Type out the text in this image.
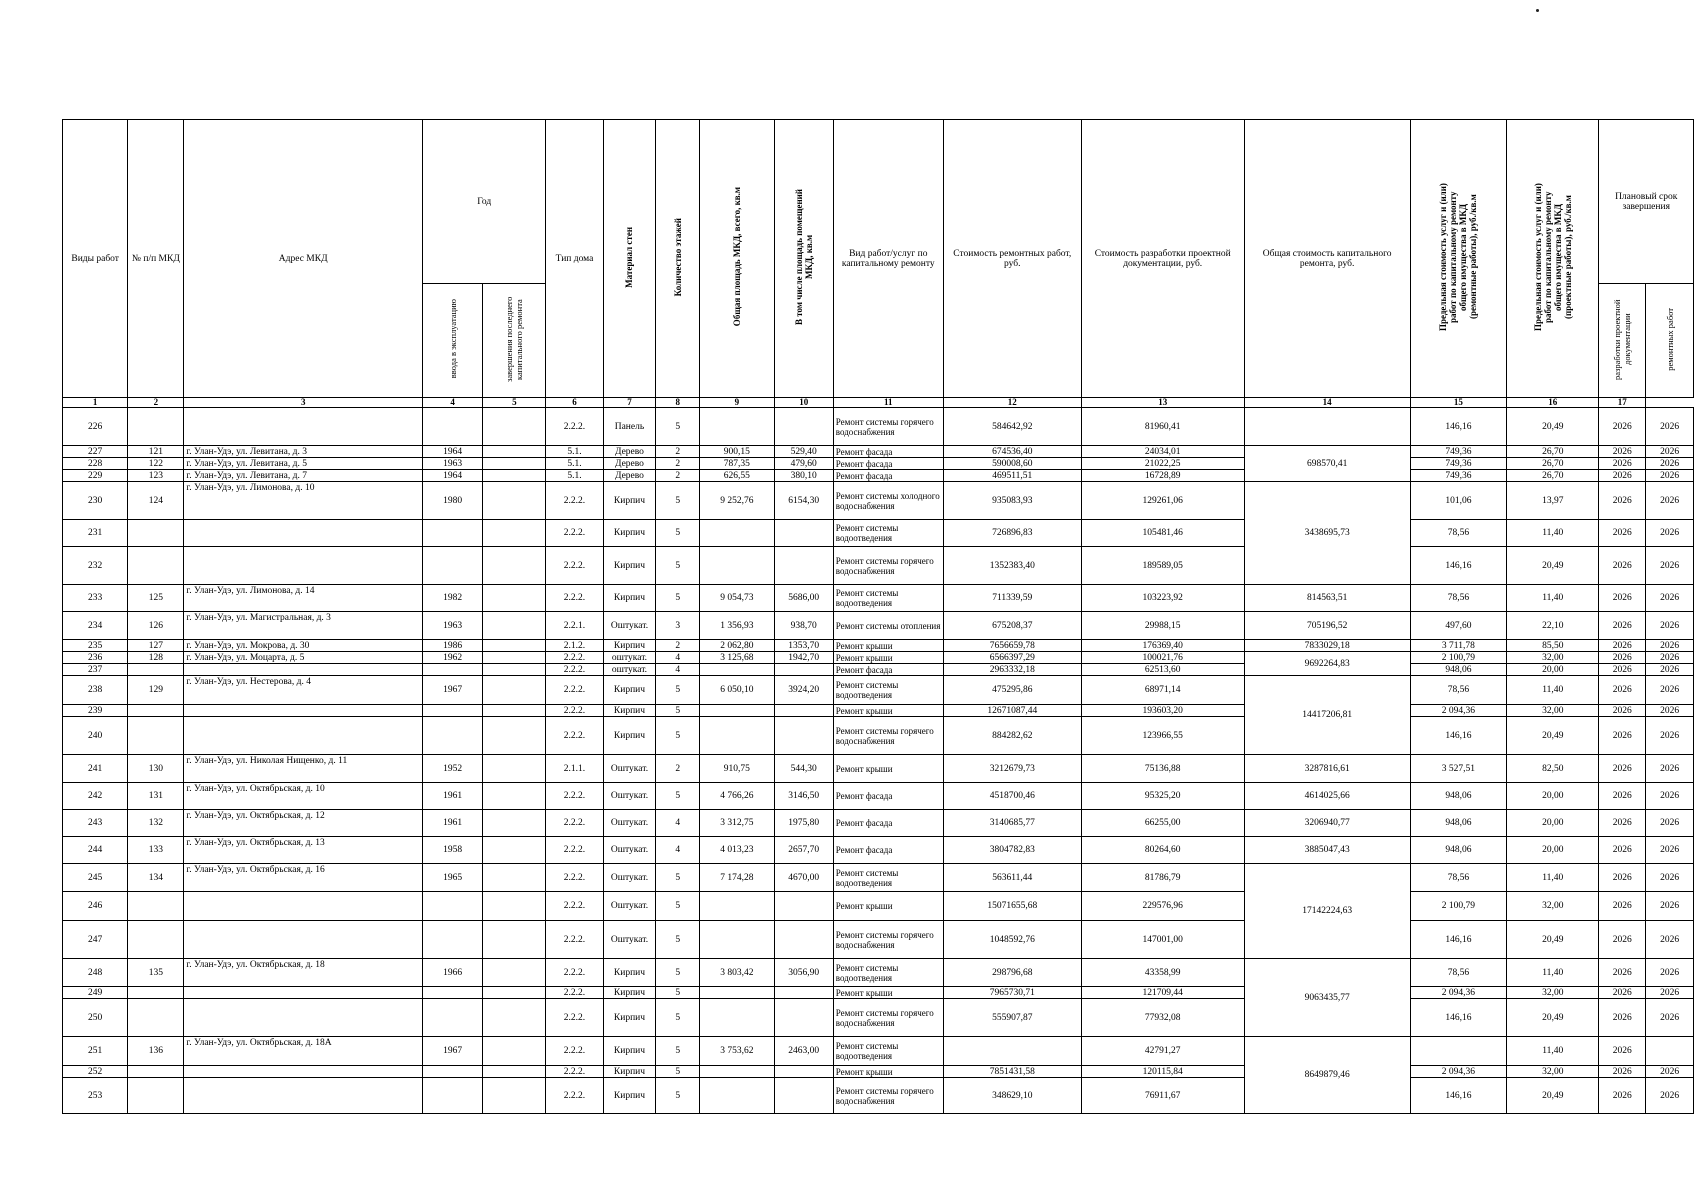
Виды работ	№ п/п МКД	Адрес МКД	Год		Тип дома	Материал стен	Количество этажей	Общая площадь МКД, всего, кв.м	В том числе площадь помещений МКД, кв.м	Вид работ/услуг по капитальному ремонту	Стоимость ремонтных работ, руб.	Стоимость разработки проектной документации, руб.	Общая стоимость капитального ремонта, руб.	Предельная стоимость услуг и (или) работ по капитальному ремонту общего имущества в МКД (ремонтные работы), руб./кв.м	Предельная стоимость услуг и (или) работ по капитальному ремонту общего имущества в МКД (проектные работы), руб./кв.м	Плановый срок завершения	
			ввода в эксплуатацию	завершения последнего капитального ремонта												разработки проектной документации	ремонтных работ
1	2	3	4	5	6	7	8	9	10	11	12	13	14	15	16	17	
226					2.2.2.	Панель	5			Ремонт системы горячего водоснабжения	584642,92	81960,41		146,16	20,49	2026	2026
227	121	г. Улан-Удэ, ул. Левитана, д. 3	1964		5.1.	Дерево	2	900,15	529,40	Ремонт фасада	674536,40	24034,01	698570,41	749,36	26,70	2026	2026
228	122	г. Улан-Удэ, ул. Левитана, д. 5	1963		5.1.	Дерево	2	787,35	479,60	Ремонт фасада	590008,60	21022,25		749,36	26,70	2026	2026
229	123	г. Улан-Удэ, ул. Левитана, д. 7	1964		5.1.	Дерево	2	626,55	380,10	Ремонт фасада	469511,51	16728,89		749,36	26,70	2026	2026
230	124	г. Улан-Удэ, ул. Лимонова, д. 10	1980		2.2.2.	Кирпич	5	9 252,76	6154,30	Ремонт системы холодного водоснабжения	935083,93	129261,06	3438695,73	101,06	13,97	2026	2026
231					2.2.2.	Кирпич	5			Ремонт системы водоотведения	726896,83	105481,46		78,56	11,40	2026	2026
232					2.2.2.	Кирпич	5			Ремонт системы горячего водоснабжения	1352383,40	189589,05		146,16	20,49	2026	2026
233	125	г. Улан-Удэ, ул. Лимонова, д. 14	1982		2.2.2.	Кирпич	5	9 054,73	5686,00	Ремонт системы водоотведения	711339,59	103223,92	814563,51	78,56	11,40	2026	2026
234	126	г. Улан-Удэ, ул. Магистральная, д. 3	1963		2.2.1.	Оштукат.	3	1 356,93	938,70	Ремонт системы отопления	675208,37	29988,15	705196,52	497,60	22,10	2026	2026
235	127	г. Улан-Удэ, ул. Мокрова, д. 30	1986		2.1.2.	Кирпич	2	2 062,80	1353,70	Ремонт крыши	7656659,78	176369,40	7833029,18	3 711,78	85,50	2026	2026
236	128	г. Улан-Удэ, ул. Моцарта, д. 5	1962		2.2.2.	оштукат.	4	3 125,68	1942,70	Ремонт крыши	6566397,29	100021,76	9692264,83	2 100,79	32,00	2026	2026
237					2.2.2.	оштукат.	4			Ремонт фасада	2963332,18	62513,60		948,06	20,00	2026	2026
238	129	г. Улан-Удэ, ул. Нестерова, д. 4	1967		2.2.2.	Кирпич	5	6 050,10	3924,20	Ремонт системы водоотведения	475295,86	68971,14	14417206,81	78,56	11,40	2026	2026
239					2.2.2.	Кирпич	5			Ремонт крыши	12671087,44	193603,20		2 094,36	32,00	2026	2026
240					2.2.2.	Кирпич	5			Ремонт системы горячего водоснабжения	884282,62	123966,55		146,16	20,49	2026	2026
241	130	г. Улан-Удэ, ул. Николая Нищенко, д. 11	1952		2.1.1.	Оштукат.	2	910,75	544,30	Ремонт крыши	3212679,73	75136,88	3287816,61	3 527,51	82,50	2026	2026
242	131	г. Улан-Удэ, ул. Октябрьская, д. 10	1961		2.2.2.	Оштукат.	5	4 766,26	3146,50	Ремонт фасада	4518700,46	95325,20	4614025,66	948,06	20,00	2026	2026
243	132	г. Улан-Удэ, ул. Октябрьская, д. 12	1961		2.2.2.	Оштукат.	4	3 312,75	1975,80	Ремонт фасада	3140685,77	66255,00	3206940,77	948,06	20,00	2026	2026
244	133	г. Улан-Удэ, ул. Октябрьская, д. 13	1958		2.2.2.	Оштукат.	4	4 013,23	2657,70	Ремонт фасада	3804782,83	80264,60	3885047,43	948,06	20,00	2026	2026
245	134	г. Улан-Удэ, ул. Октябрьская, д. 16	1965		2.2.2.	Оштукат.	5	7 174,28	4670,00	Ремонт системы водоотведения	563611,44	81786,79	17142224,63	78,56	11,40	2026	2026
246					2.2.2.	Оштукат.	5			Ремонт крыши	15071655,68	229576,96		2 100,79	32,00	2026	2026
247					2.2.2.	Оштукат.	5			Ремонт системы горячего водоснабжения	1048592,76	147001,00		146,16	20,49	2026	2026
248	135	г. Улан-Удэ, ул. Октябрьская, д. 18	1966		2.2.2.	Кирпич	5	3 803,42	3056,90	Ремонт системы водоотведения	298796,68	43358,99	9063435,77	78,56	11,40	2026	2026
249					2.2.2.	Кирпич	5			Ремонт крыши	7965730,71	121709,44		2 094,36	32,00	2026	2026
250					2.2.2.	Кирпич	5			Ремонт системы горячего водоснабжения	555907,87	77932,08		146,16	20,49	2026	2026
251	136	г. Улан-Удэ, ул. Октябрьская, д. 18А	1967		2.2.2.	Кирпич	5	3 753,62	2463,00	Ремонт системы водоотведения		42791,27	8649879,46		11,40	2026	
252					2.2.2.	Кирпич	5			Ремонт крыши	7851431,58	120115,84		2 094,36	32,00	2026	2026
253					2.2.2.	Кирпич	5			Ремонт системы горячего водоснабжения	348629,10	76911,67		146,16	20,49	2026	2026
